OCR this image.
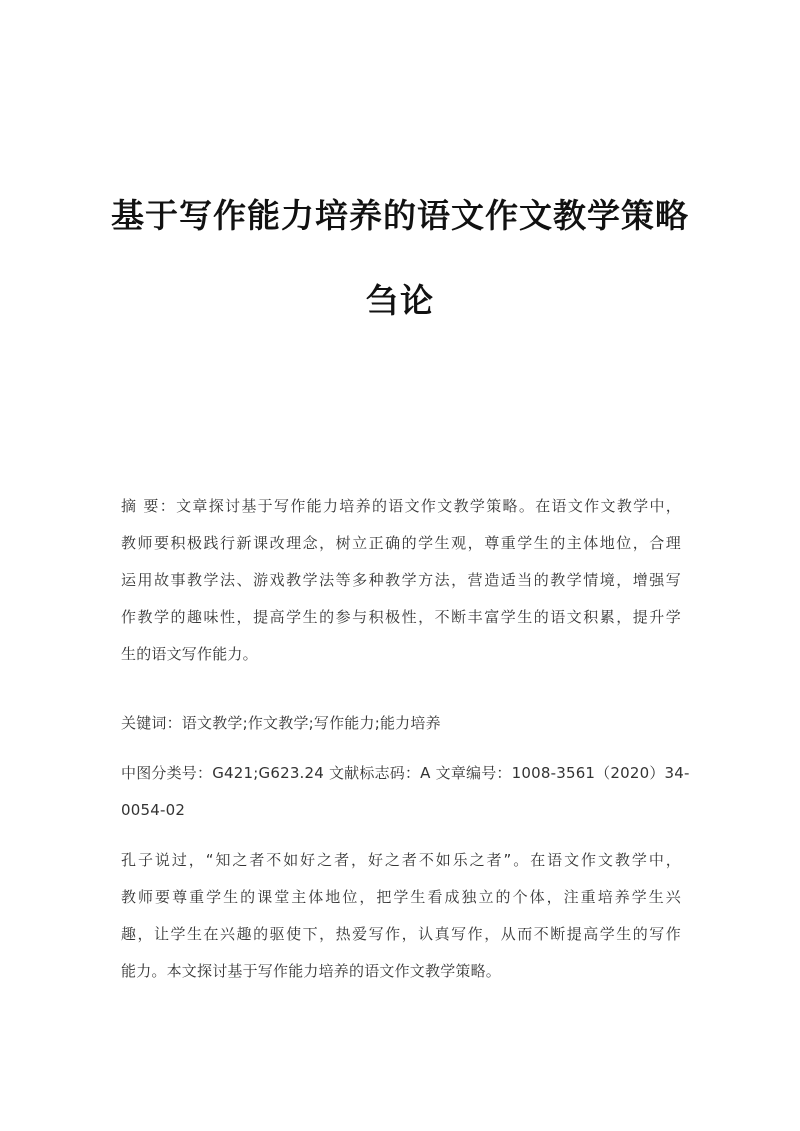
基于写作能力培养的语文作文教学策略
刍论
摘 要：文章探讨基于写作能力培养的语文作文教学策略。在语文作文教学中，
教师要积极践行新课改理念，树立正确的学生观，尊重学生的主体地位，合理
运用故事教学法、游戏教学法等多种教学方法，营造适当的教学情境，增强写
作教学的趣味性，提高学生的参与积极性，不断丰富学生的语文积累，提升学
生的语文写作能力。
关键词：语文教学;作文教学;写作能力;能力培养
中图分类号：G421;G623.24 文献标志码：A 文章编号：1008-3561（2020）34-
0054-02
孔子说过，“知之者不如好之者，好之者不如乐之者”。在语文作文教学中，
教师要尊重学生的课堂主体地位，把学生看成独立的个体，注重培养学生兴
趣，让学生在兴趣的驱使下，热爱写作，认真写作，从而不断提高学生的写作
能力。本文探讨基于写作能力培养的语文作文教学策略。
